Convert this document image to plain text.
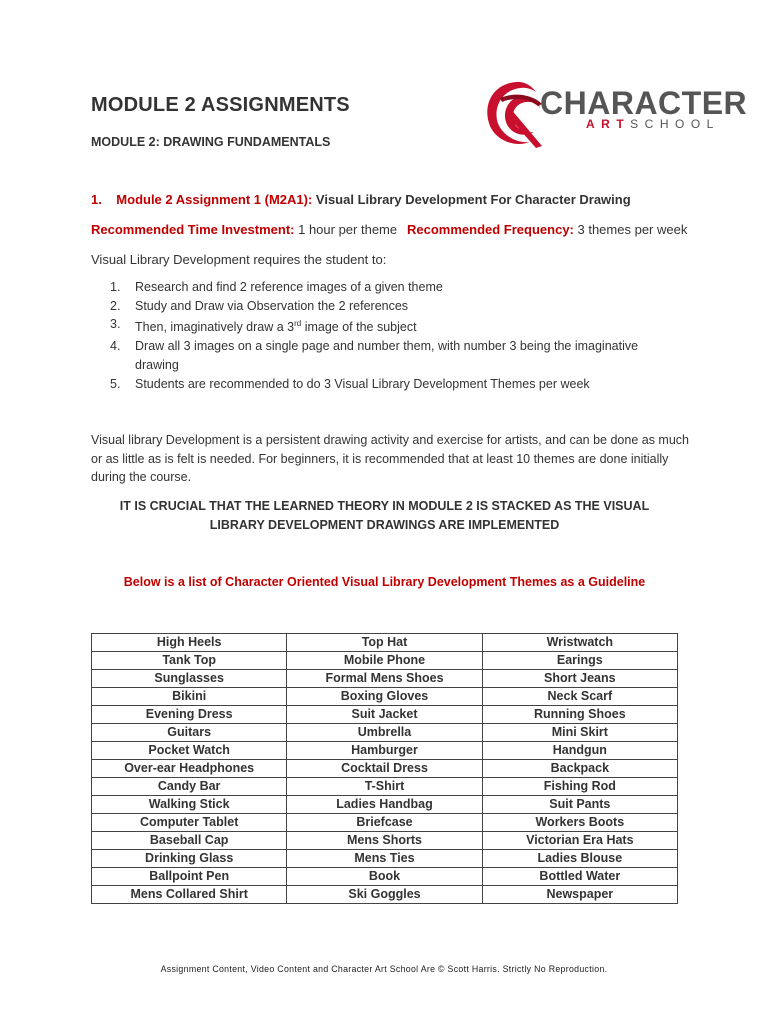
MODULE 2 ASSIGNMENTS
MODULE 2: DRAWING FUNDAMENTALS
CHARACTER
ARTSCHOOL
1. Module 2 Assignment 1 (M2A1): Visual Library Development For Character Drawing
Recommended Time Investment: 1 hour per theme Recommended Frequency: 3 themes per week
Visual Library Development requires the student to:
1. Research and find 2 reference images of a given theme
2. Study and Draw via Observation the 2 references
3. Then, imaginatively draw a 3rd image of the subject
4. Draw all 3 images on a single page and number them, with number 3 being the imaginative drawing
5. Students are recommended to do 3 Visual Library Development Themes per week
Visual library Development is a persistent drawing activity and exercise for artists, and can be done as much or as little as is felt is needed. For beginners, it is recommended that at least 10 themes are done initially during the course.
IT IS CRUCIAL THAT THE LEARNED THEORY IN MODULE 2 IS STACKED AS THE VISUAL LIBRARY DEVELOPMENT DRAWINGS ARE IMPLEMENTED
Below is a list of Character Oriented Visual Library Development Themes as a Guideline
High Heels	Top Hat	Wristwatch
Tank Top	Mobile Phone	Earings
Sunglasses	Formal Mens Shoes	Short Jeans
Bikini	Boxing Gloves	Neck Scarf
Evening Dress	Suit Jacket	Running Shoes
Guitars	Umbrella	Mini Skirt
Pocket Watch	Hamburger	Handgun
Over-ear Headphones	Cocktail Dress	Backpack
Candy Bar	T-Shirt	Fishing Rod
Walking Stick	Ladies Handbag	Suit Pants
Computer Tablet	Briefcase	Workers Boots
Baseball Cap	Mens Shorts	Victorian Era Hats
Drinking Glass	Mens Ties	Ladies Blouse
Ballpoint Pen	Book	Bottled Water
Mens Collared Shirt	Ski Goggles	Newspaper
Assignment Content, Video Content and Character Art School Are © Scott Harris. Strictly No Reproduction.
